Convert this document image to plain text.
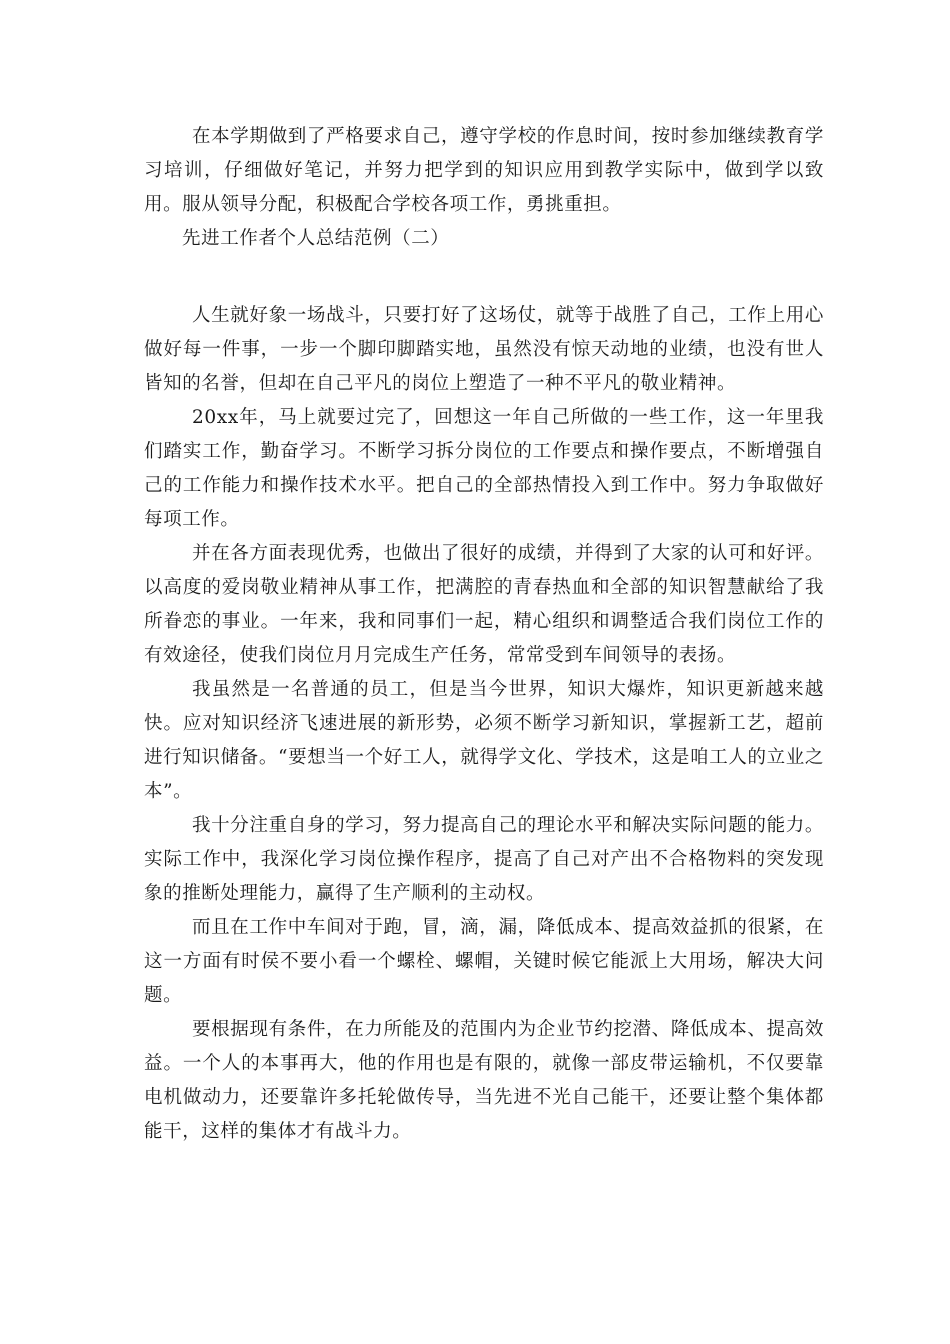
在本学期做到了严格要求自己，遵守学校的作息时间，按时参加继续教育学习培训，仔细做好笔记，并努力把学到的知识应用到教学实际中，做到学以致用。服从领导分配，积极配合学校各项工作，勇挑重担。

先进工作者个人总结范例（二）

人生就好象一场战斗，只要打好了这场仗，就等于战胜了自己，工作上用心做好每一件事，一步一个脚印脚踏实地，虽然没有惊天动地的业绩，也没有世人皆知的名誉，但却在自己平凡的岗位上塑造了一种不平凡的敬业精神。

20xx年，马上就要过完了，回想这一年自己所做的一些工作，这一年里我们踏实工作，勤奋学习。不断学习拆分岗位的工作要点和操作要点，不断增强自己的工作能力和操作技术水平。把自己的全部热情投入到工作中。努力争取做好每项工作。

并在各方面表现优秀，也做出了很好的成绩，并得到了大家的认可和好评。以高度的爱岗敬业精神从事工作，把满腔的青春热血和全部的知识智慧献给了我所眷恋的事业。一年来，我和同事们一起，精心组织和调整适合我们岗位工作的有效途径，使我们岗位月月完成生产任务，常常受到车间领导的表扬。

我虽然是一名普通的员工，但是当今世界，知识大爆炸，知识更新越来越快。应对知识经济飞速进展的新形势，必须不断学习新知识，掌握新工艺，超前进行知识储备。“要想当一个好工人，就得学文化、学技术，这是咱工人的立业之本”。

我十分注重自身的学习，努力提高自己的理论水平和解决实际问题的能力。实际工作中，我深化学习岗位操作程序，提高了自己对产出不合格物料的突发现象的推断处理能力，赢得了生产顺利的主动权。

而且在工作中车间对于跑，冒，滴，漏，降低成本、提高效益抓的很紧，在这一方面有时侯不要小看一个螺栓、螺帽，关键时候它能派上大用场，解决大问题。

要根据现有条件，在力所能及的范围内为企业节约挖潜、降低成本、提高效益。一个人的本事再大，他的作用也是有限的，就像一部皮带运输机，不仅要靠电机做动力，还要靠许多托轮做传导，当先进不光自己能干，还要让整个集体都能干，这样的集体才有战斗力。
